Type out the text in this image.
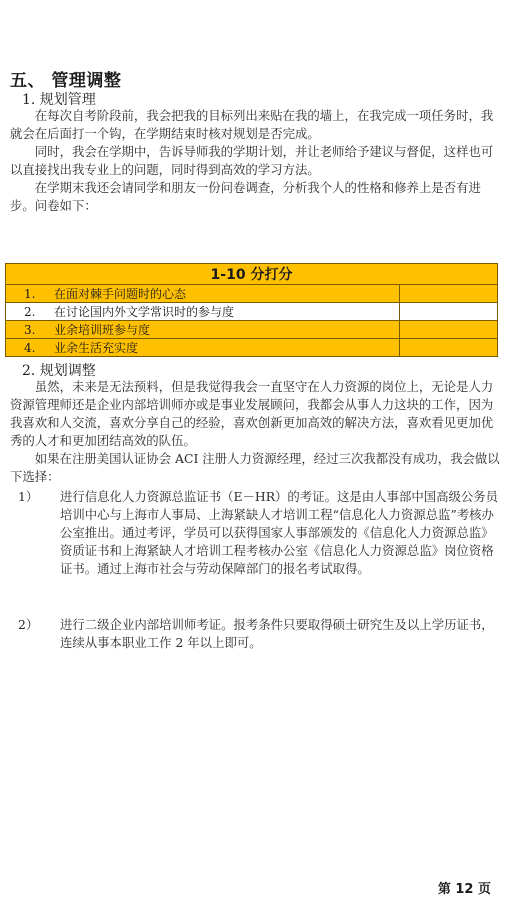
五、 管理调整
1. 规划管理

在每次自考阶段前，我会把我的目标列出来贴在我的墙上，在我完成一项任务时，我就会在后面打一个钩，在学期结束时核对规划是否完成。

同时，我会在学期中，告诉导师我的学期计划，并让老师给予建议与督促，这样也可以直接找出我专业上的问题，同时得到高效的学习方法。

在学期末我还会请同学和朋友一份问卷调查，分析我个人的性格和修养上是否有进步。问卷如下：

1-10 分打分	

1. 在面对棘手问题时的心态	

2. 在讨论国内外文学常识时的参与度	

3. 业余培训班参与度	

4. 业余生活充实度	

2. 规划调整

虽然，未来是无法预料，但是我觉得我会一直坚守在人力资源的岗位上，无论是人力资源管理师还是企业内部培训师亦或是事业发展顾问，我都会从事人力这块的工作，因为我喜欢和人交流，喜欢分享自己的经验，喜欢创新更加高效的解决方法，喜欢看见更加优秀的人才和更加团结高效的队伍。

如果在注册美国认证协会 ACI 注册人力资源经理，经过三次我都没有成功，我会做以下选择：

1） 进行信息化人力资源总监证书（E－HR）的考证。这是由人事部中国高级公务员培训中心与上海市人事局、上海紧缺人才培训工程“信息化人力资源总监”考核办公室推出。通过考评，学员可以获得国家人事部颁发的《信息化人力资源总监》资质证书和上海紧缺人才培训工程考核办公室《信息化人力资源总监》岗位资格证书。通过上海市社会与劳动保障部门的报名考试取得。
2） 进行二级企业内部培训师考证。报考条件只要取得硕士研究生及以上学历证书，连续从事本职业工作 2 年以上即可。
第 12 页
